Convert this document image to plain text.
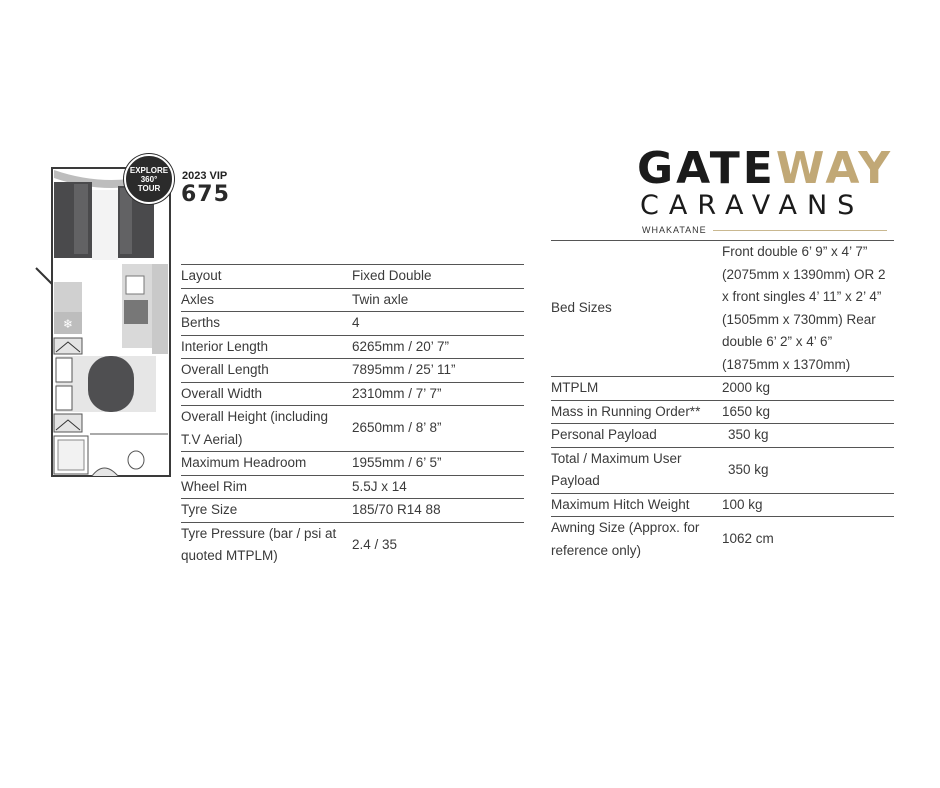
❄
EXPLORE
360°
TOUR
2023 VIP
675
GATEWAY
CARAVANS
WHAKATANE
Layout	Fixed Double
Axles	Twin axle
Berths	4
Interior Length	6265mm / 20’ 7”
Overall Length	7895mm / 25’ 11”
Overall Width	2310mm / 7’ 7”
Overall Height (including T.V Aerial)	2650mm / 8’ 8”
Maximum Headroom	1955mm / 6’ 5”
Wheel Rim	5.5J x 14
Tyre Size	185/70 R14 88
Tyre Pressure (bar / psi at quoted MTPLM)	2.4 / 35
Bed Sizes	Front double 6’ 9” x 4’ 7” (2075mm x 1390mm) OR 2 x front singles 4’ 11” x 2’ 4” (1505mm x 730mm) Rear double 6’ 2” x 4’ 6” (1875mm x 1370mm)
MTPLM	2000 kg
Mass in Running Order**	1650 kg
Personal Payload	350 kg
Total / Maximum User Payload	350 kg
Maximum Hitch Weight	100 kg
Awning Size (Approx. for reference only)	1062 cm
